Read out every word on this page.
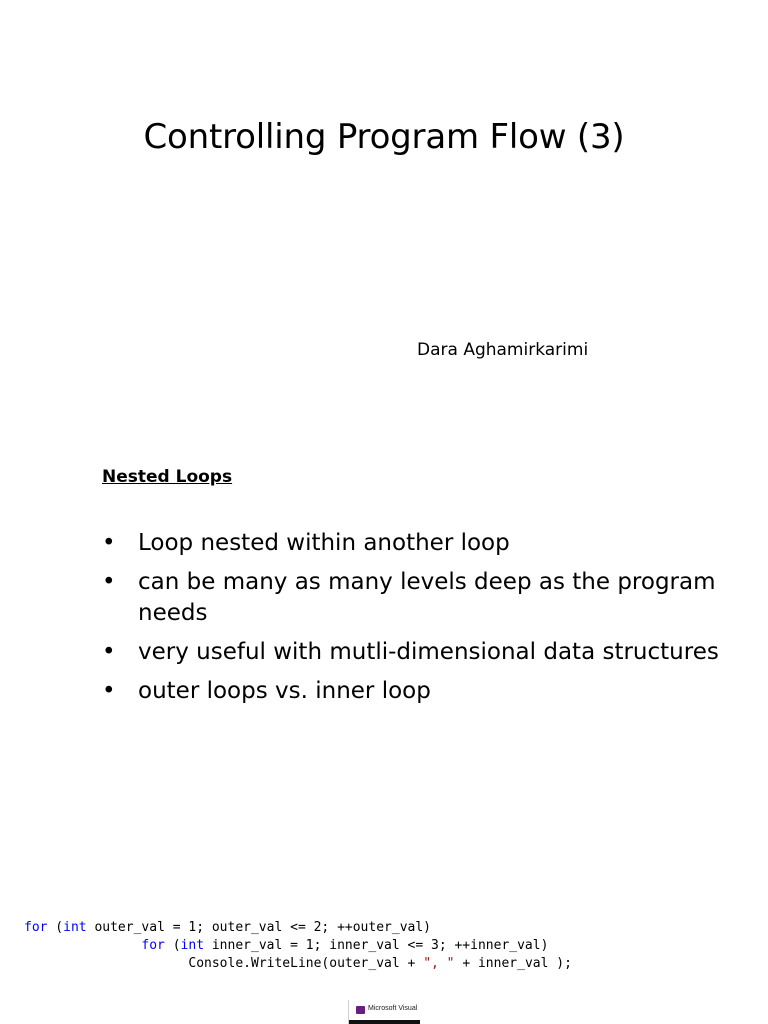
Controlling Program Flow (3)
Dara Aghamirkarimi
Nested Loops
• Loop nested within another loop
• can be many as many levels deep as the program needs
• very useful with mutli-dimensional data structures
• outer loops vs. inner loop
for (int outer_val = 1; outer_val <= 2; ++outer_val)
for (int inner_val = 1; inner_val <= 3; ++inner_val)
Console.WriteLine(outer_val + ", " + inner_val );
Microsoft Visual
